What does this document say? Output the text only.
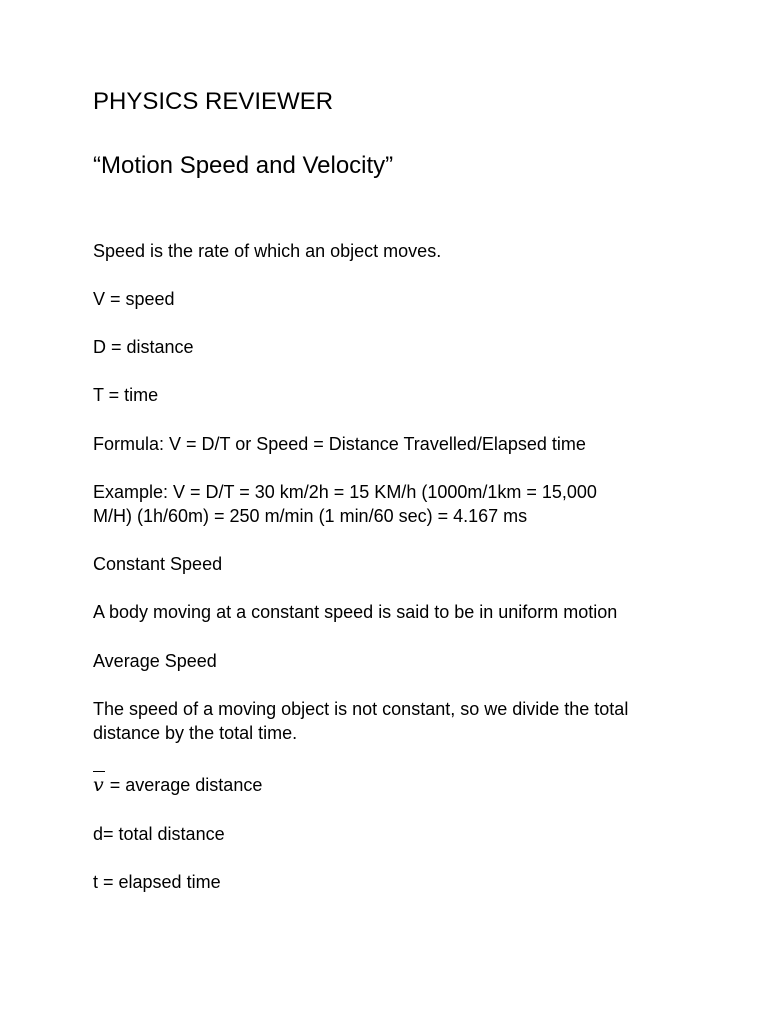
PHYSICS REVIEWER
“Motion Speed and Velocity”
Speed is the rate of which an object moves.
V = speed
D = distance
T = time
Formula: V = D/T or Speed = Distance Travelled/Elapsed time
Example: V = D/T = 30 km/2h = 15 KM/h (1000m/1km = 15,000
M/H) (1h/60m) = 250 m/min (1 min/60 sec) = 4.167 ms
Constant Speed
A body moving at a constant speed is said to be in uniform motion
Average Speed
The speed of a moving object is not constant, so we divide the total
distance by the total time.
v = average distance
d= total distance
t = elapsed time
